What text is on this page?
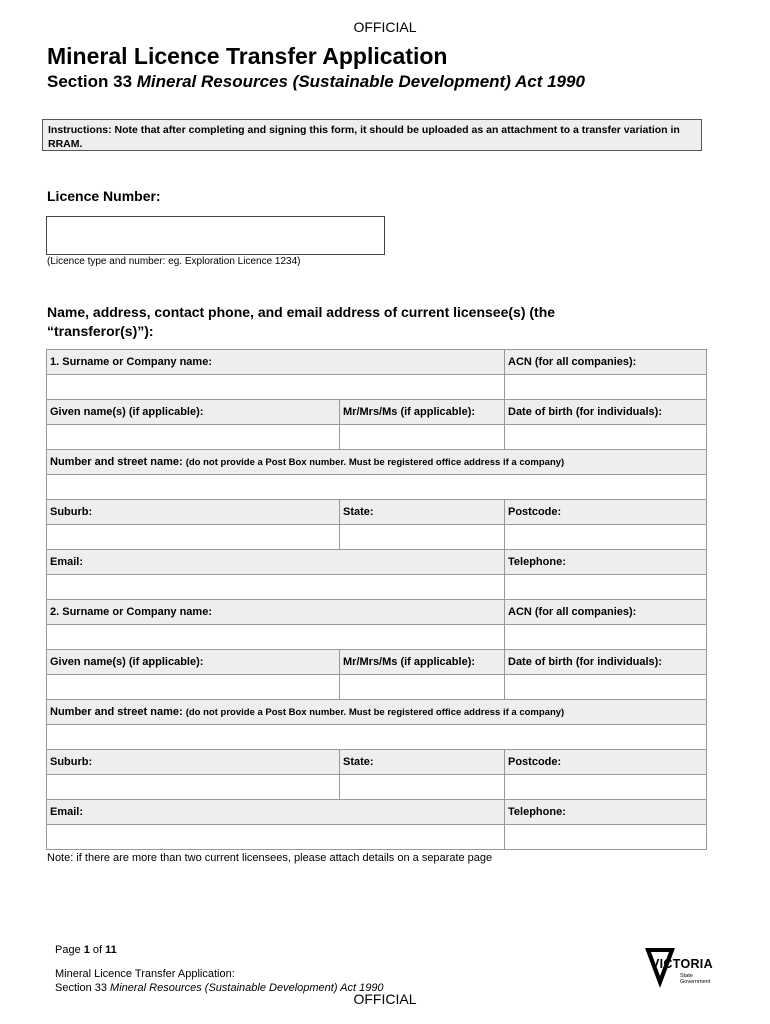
OFFICIAL
Mineral Licence Transfer Application
Section 33 Mineral Resources (Sustainable Development) Act 1990
Instructions: Note that after completing and signing this form, it should be uploaded as an attachment to a transfer variation in RRAM.
Licence Number:
(Licence type and number: eg. Exploration Licence 1234)
Name, address, contact phone, and email address of current licensee(s) (the “transferor(s)”):
1. Surname or Company name:		ACN (for all companies):

Given name(s) (if applicable):	Mr/Mrs/Ms (if applicable):	Date of birth (for individuals):

Number and street name: (do not provide a Post Box number. Must be registered office address if a company)		

Suburb:	State:	Postcode:

Email:		Telephone:

2. Surname or Company name:		ACN (for all companies):

Given name(s) (if applicable):	Mr/Mrs/Ms (if applicable):	Date of birth (for individuals):

Number and street name: (do not provide a Post Box number. Must be registered office address if a company)		

Suburb:	State:	Postcode:

Email:		Telephone:

Note: if there are more than two current licensees, please attach details on a separate page
Page 1 of 11
Mineral Licence Transfer Application:
Section 33 Mineral Resources (Sustainable Development) Act 1990
VICTORIA
State
Government
OFFICIAL
